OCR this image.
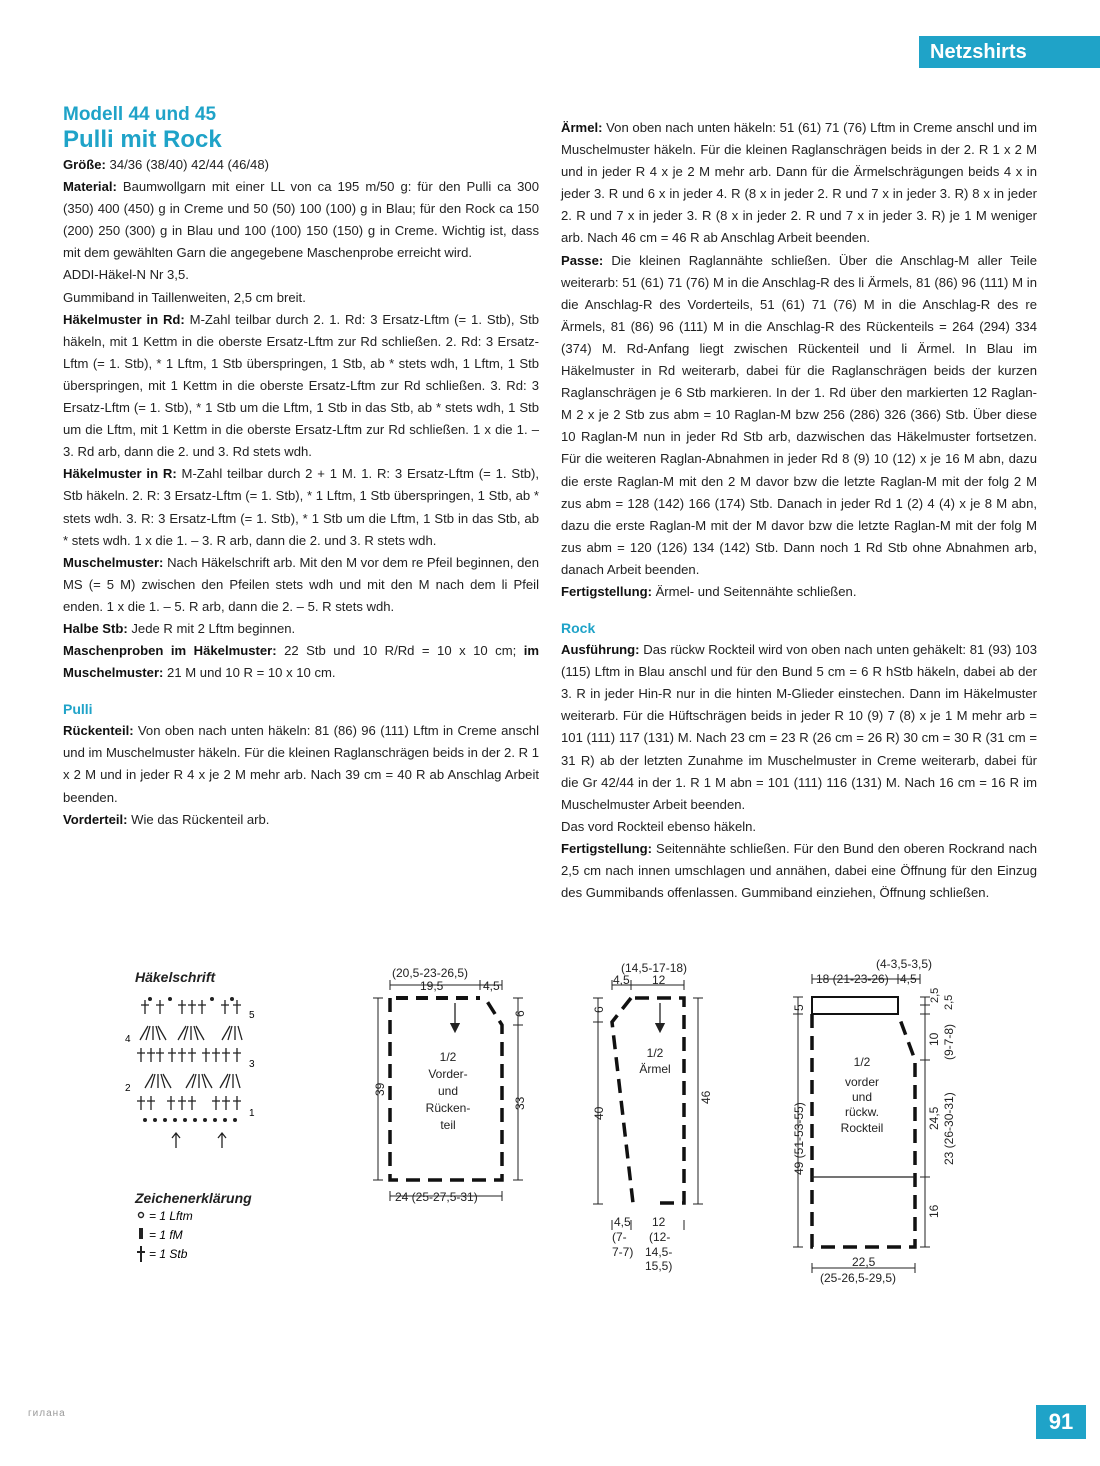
Netzshirts

Modell 44 und 45

Pulli mit Rock

Größe: 34/36 (38/40) 42/44 (46/48)

Material: Baumwollgarn mit einer LL von ca 195 m/50 g: für den Pulli ca 300 (350) 400 (450) g in Creme und 50 (50) 100 (100) g in Blau; für den Rock ca 150 (200) 250 (300) g in Blau und 100 (100) 150 (150) g in Creme. Wichtig ist, dass mit dem gewählten Garn die angegebene Maschenprobe erreicht wird.

ADDI-Häkel-N Nr 3,5.

Gummiband in Taillenweiten, 2,5 cm breit.

Häkelmuster in Rd: M-Zahl teilbar durch 2. 1. Rd: 3 Ersatz-Lftm (= 1. Stb), Stb häkeln, mit 1 Kettm in die oberste Ersatz-Lftm zur Rd schließen. 2. Rd: 3 Ersatz-Lftm (= 1. Stb), * 1 Lftm, 1 Stb überspringen, 1 Stb, ab * stets wdh, 1 Lftm, 1 Stb überspringen, mit 1 Kettm in die oberste Ersatz-Lftm zur Rd schließen. 3. Rd: 3 Ersatz-Lftm (= 1. Stb), * 1 Stb um die Lftm, 1 Stb in das Stb, ab * stets wdh, 1 Stb um die Lftm, mit 1 Kettm in die oberste Ersatz-Lftm zur Rd schließen. 1 x die 1. – 3. Rd arb, dann die 2. und 3. Rd stets wdh.

Häkelmuster in R: M-Zahl teilbar durch 2 + 1 M. 1. R: 3 Ersatz-Lftm (= 1. Stb), Stb häkeln. 2. R: 3 Ersatz-Lftm (= 1. Stb), * 1 Lftm, 1 Stb überspringen, 1 Stb, ab * stets wdh. 3. R: 3 Ersatz-Lftm (= 1. Stb), * 1 Stb um die Lftm, 1 Stb in das Stb, ab * stets wdh. 1 x die 1. – 3. R arb, dann die 2. und 3. R stets wdh.

Muschelmuster: Nach Häkelschrift arb. Mit den M vor dem re Pfeil beginnen, den MS (= 5 M) zwischen den Pfeilen stets wdh und mit den M nach dem li Pfeil enden. 1 x die 1. – 5. R arb, dann die 2. – 5. R stets wdh.

Halbe Stb: Jede R mit 2 Lftm beginnen.

Maschenproben im Häkelmuster: 22 Stb und 10 R/Rd = 10 x 10 cm; im Muschelmuster: 21 M und 10 R = 10 x 10 cm.

Pulli

Rückenteil: Von oben nach unten häkeln: 81 (86) 96 (111) Lftm in Creme anschl und im Muschelmuster häkeln. Für die kleinen Raglanschrägen beids in der 2. R 1 x 2 M und in jeder R 4 x je 2 M mehr arb. Nach 39 cm = 40 R ab Anschlag Arbeit beenden.

Vorderteil: Wie das Rückenteil arb.

Ärmel: Von oben nach unten häkeln: 51 (61) 71 (76) Lftm in Creme anschl und im Muschelmuster häkeln. Für die kleinen Raglanschrägen beids in der 2. R 1 x 2 M und in jeder R 4 x je 2 M mehr arb. Dann für die Ärmelschrägungen beids 4 x in jeder 3. R und 6 x in jeder 4. R (8 x in jeder 2. R und 7 x in jeder 3. R) 8 x in jeder 2. R und 7 x in jeder 3. R (8 x in jeder 2. R und 7 x in jeder 3. R) je 1 M weniger arb. Nach 46 cm = 46 R ab Anschlag Arbeit beenden.

Passe: Die kleinen Raglannähte schließen. Über die Anschlag-M aller Teile weiterarb: 51 (61) 71 (76) M in die Anschlag-R des li Ärmels, 81 (86) 96 (111) M in die Anschlag-R des Vorderteils, 51 (61) 71 (76) M in die Anschlag-R des re Ärmels, 81 (86) 96 (111) M in die Anschlag-R des Rückenteils = 264 (294) 334 (374) M. Rd-Anfang liegt zwischen Rückenteil und li Ärmel. In Blau im Häkelmuster in Rd weiterarb, dabei für die Raglanschrägen beids der kurzen Raglanschrägen je 6 Stb markieren. In der 1. Rd über den markierten 12 Raglan-M 2 x je 2 Stb zus abm = 10 Raglan-M bzw 256 (286) 326 (366) Stb. Über diese 10 Raglan-M nun in jeder Rd Stb arb, dazwischen das Häkelmuster fortsetzen. Für die weiteren Raglan-Abnahmen in jeder Rd 8 (9) 10 (12) x je 16 M abn, dazu die erste Raglan-M mit den 2 M davor bzw die letzte Raglan-M mit der folg 2 M zus abm = 128 (142) 166 (174) Stb. Danach in jeder Rd 1 (2) 4 (4) x je 8 M abn, dazu die erste Raglan-M mit der M davor bzw die letzte Raglan-M mit der folg M zus abm = 120 (126) 134 (142) Stb. Dann noch 1 Rd Stb ohne Abnahmen arb, danach Arbeit beenden.

Fertigstellung: Ärmel- und Seitennähte schließen.

Rock

Ausführung: Das rückw Rockteil wird von oben nach unten gehäkelt: 81 (93) 103 (115) Lftm in Blau anschl und für den Bund 5 cm = 6 R hStb häkeln, dabei ab der 3. R in jeder Hin-R nur in die hinten M-Glieder einstechen. Dann im Häkelmuster weiterarb. Für die Hüftschrägen beids in jeder R 10 (9) 7 (8) x je 1 M mehr arb = 101 (111) 117 (131) M. Nach 23 cm = 23 R (26 cm = 26 R) 30 cm = 30 R (31 cm = 31 R) ab der letzten Zunahme im Muschelmuster in Creme weiterarb, dabei für die Gr 42/44 in der 1. R 1 M abn = 101 (111) 116 (131) M. Nach 16 cm = 16 R im Muschelmuster Arbeit beenden.

Das vord Rockteil ebenso häkeln.

Fertigstellung: Seitennähte schließen. Für den Bund den oberen Rockrand nach 2,5 cm nach innen umschlagen und annähen, dabei eine Öffnung für den Einzug des Gummibands offenlassen. Gummiband einziehen, Öffnung schließen.

Häkelschrift
5
4
3
2
1
Zeichenerklärung
= 1 Lftm
= 1 fM
= 1 Stb
(20,5-23-26,5)
19,5	4,5
6
39
33
1/2
Vorder-
und
Rücken-
teil
24 (25-27,5-31)
(14,5-17-18)
4,5 12
6
40
46
1/2
Ärmel
4,5
(7-
7-7)
12
(12-
14,5-
15,5)
(4-3,5-3,5)
18 (21-23-26) 4,5
5
2,5 2,5
10 (9-7-8)
49 (51-53-55)	24,5 23 (26-30-31)
16
1/2
vorder
und
rückw.
Rockteil
22,5
(25-26,5-29,5)
гилана	91
